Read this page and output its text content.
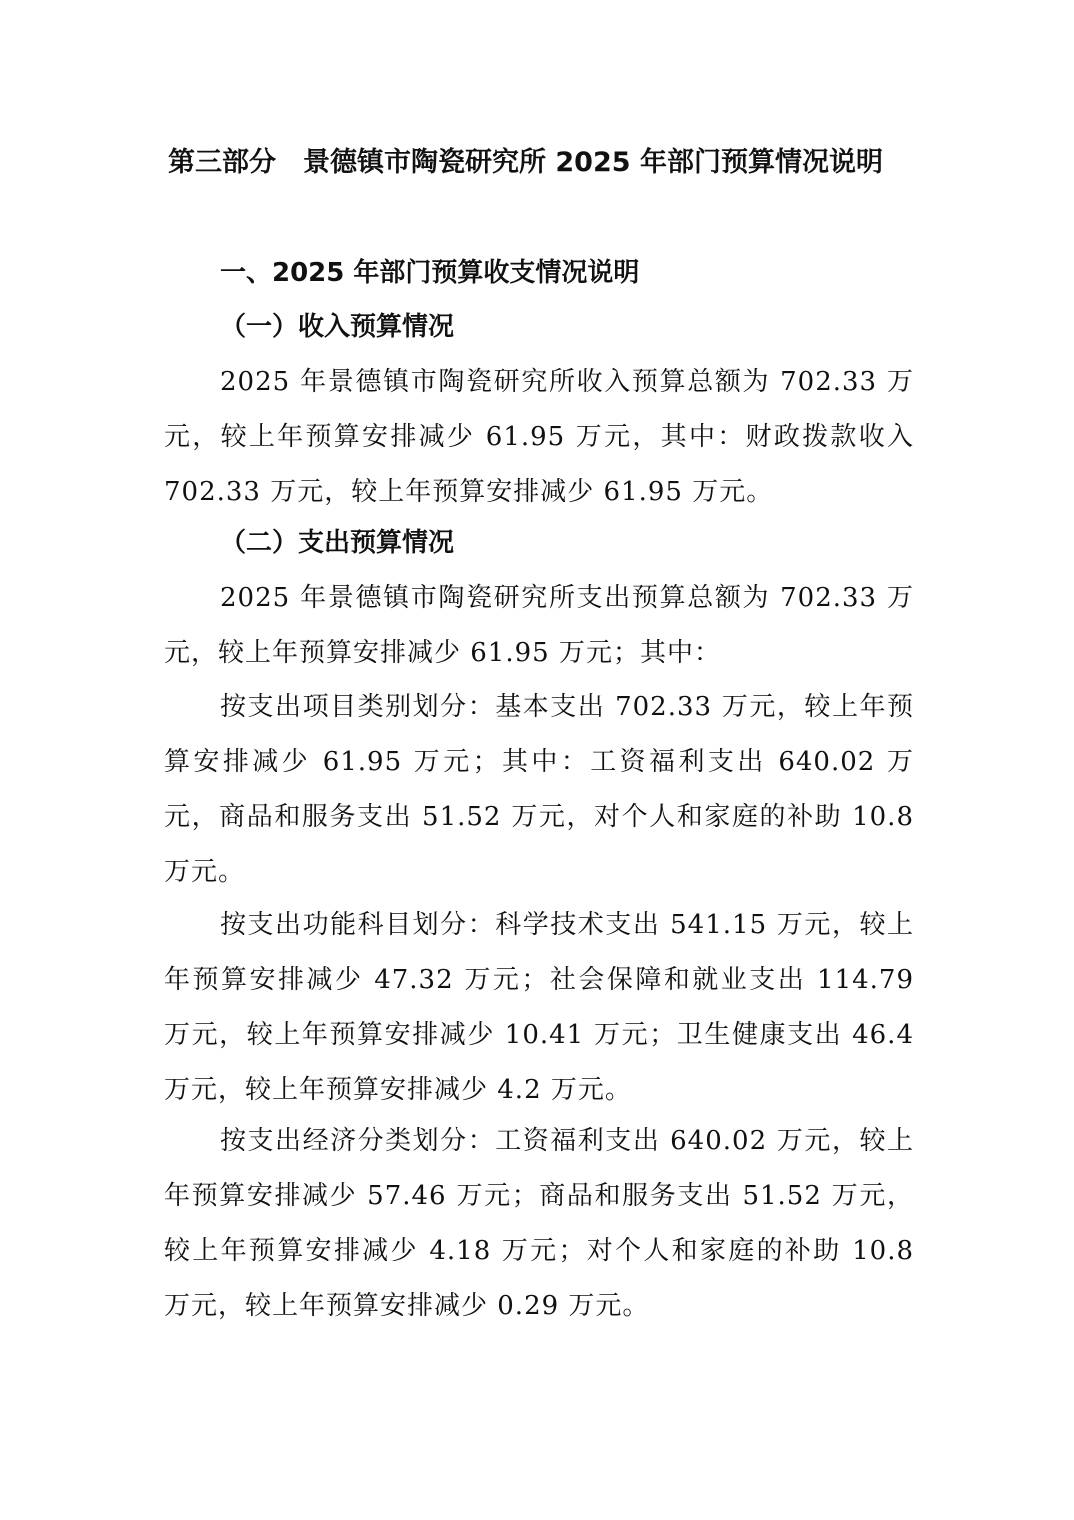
第三部分　景德镇市陶瓷研究所 2025 年部门预算情况说明
一、2025 年部门预算收支情况说明
（一）收入预算情况

2025 年景德镇市陶瓷研究所收入预算总额为 702.33 万元，较上年预算安排减少 61.95 万元，其中：财政拨款收入 702.33 万元，较上年预算安排减少 61.95 万元。

（二）支出预算情况

2025 年景德镇市陶瓷研究所支出预算总额为 702.33 万元，较上年预算安排减少 61.95 万元；其中：

按支出项目类别划分：基本支出 702.33 万元，较上年预算安排减少 61.95 万元；其中：工资福利支出 640.02 万元，商品和服务支出 51.52 万元，对个人和家庭的补助 10.8 万元。

按支出功能科目划分：科学技术支出 541.15 万元，较上年预算安排减少 47.32 万元；社会保障和就业支出 114.79 万元，较上年预算安排减少 10.41 万元；卫生健康支出 46.4 万元，较上年预算安排减少 4.2 万元。

按支出经济分类划分：工资福利支出 640.02 万元，较上年预算安排减少 57.46 万元；商品和服务支出 51.52 万元，较上年预算安排减少 4.18 万元；对个人和家庭的补助 10.8 万元，较上年预算安排减少 0.29 万元。
